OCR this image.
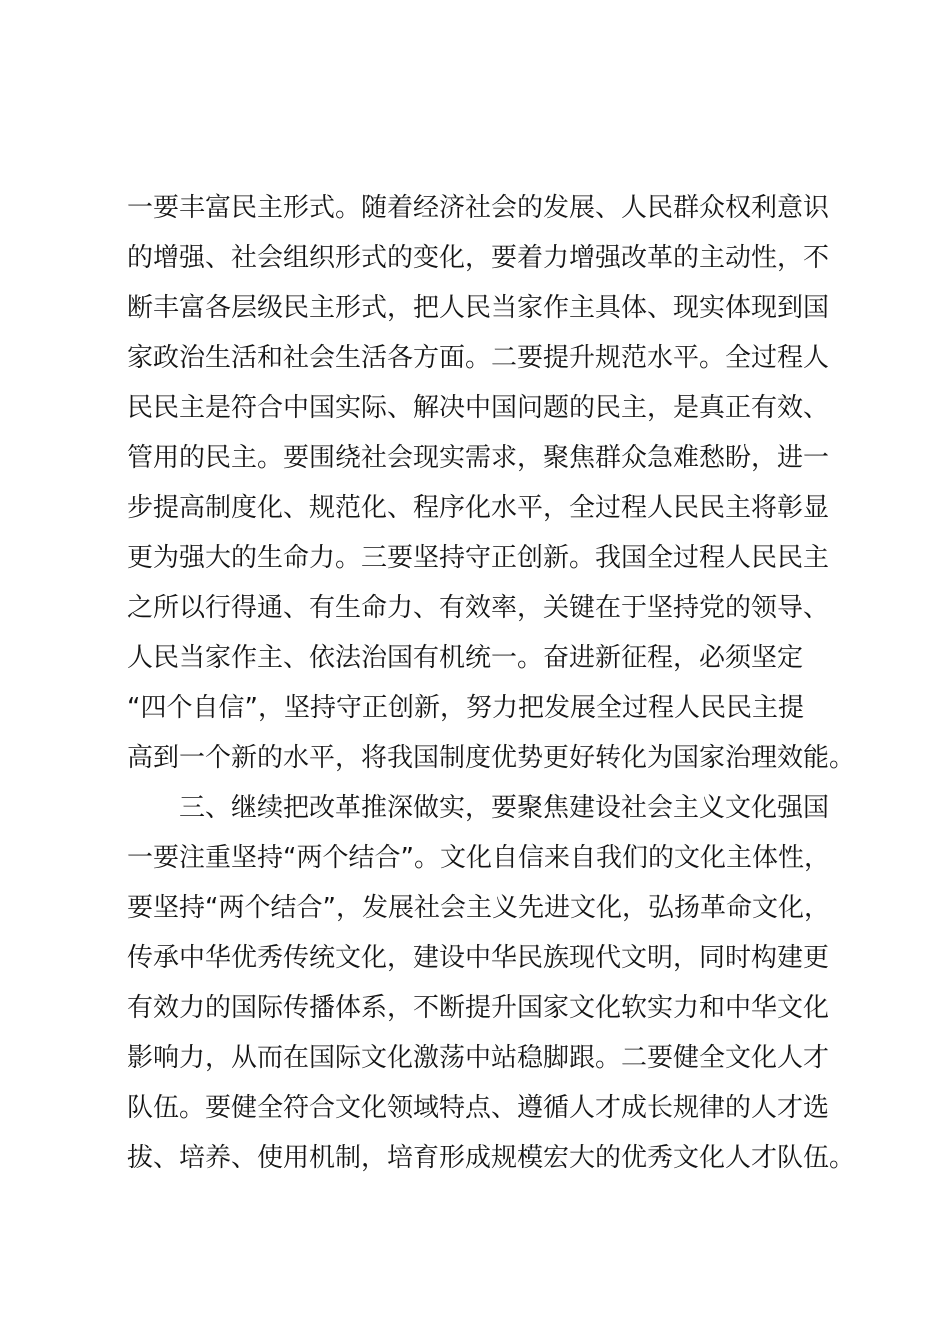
一要丰富民主形式。随着经济社会的发展、人民群众权利意识
的增强、社会组织形式的变化，要着力增强改革的主动性，不
断丰富各层级民主形式，把人民当家作主具体、现实体现到国
家政治生活和社会生活各方面。二要提升规范水平。全过程人
民民主是符合中国实际、解决中国问题的民主，是真正有效、
管用的民主。要围绕社会现实需求，聚焦群众急难愁盼，进一
步提高制度化、规范化、程序化水平，全过程人民民主将彰显
更为强大的生命力。三要坚持守正创新。我国全过程人民民主
之所以行得通、有生命力、有效率，关键在于坚持党的领导、
人民当家作主、依法治国有机统一。奋进新征程，必须坚定
“四个自信”，坚持守正创新，努力把发展全过程人民民主提
高到一个新的水平，将我国制度优势更好转化为国家治理效能。
三、继续把改革推深做实，要聚焦建设社会主义文化强国
一要注重坚持“两个结合”。文化自信来自我们的文化主体性，
要坚持“两个结合”，发展社会主义先进文化，弘扬革命文化，
传承中华优秀传统文化，建设中华民族现代文明，同时构建更
有效力的国际传播体系，不断提升国家文化软实力和中华文化
影响力，从而在国际文化激荡中站稳脚跟。二要健全文化人才
队伍。要健全符合文化领域特点、遵循人才成长规律的人才选
拔、培养、使用机制，培育形成规模宏大的优秀文化人才队伍。
